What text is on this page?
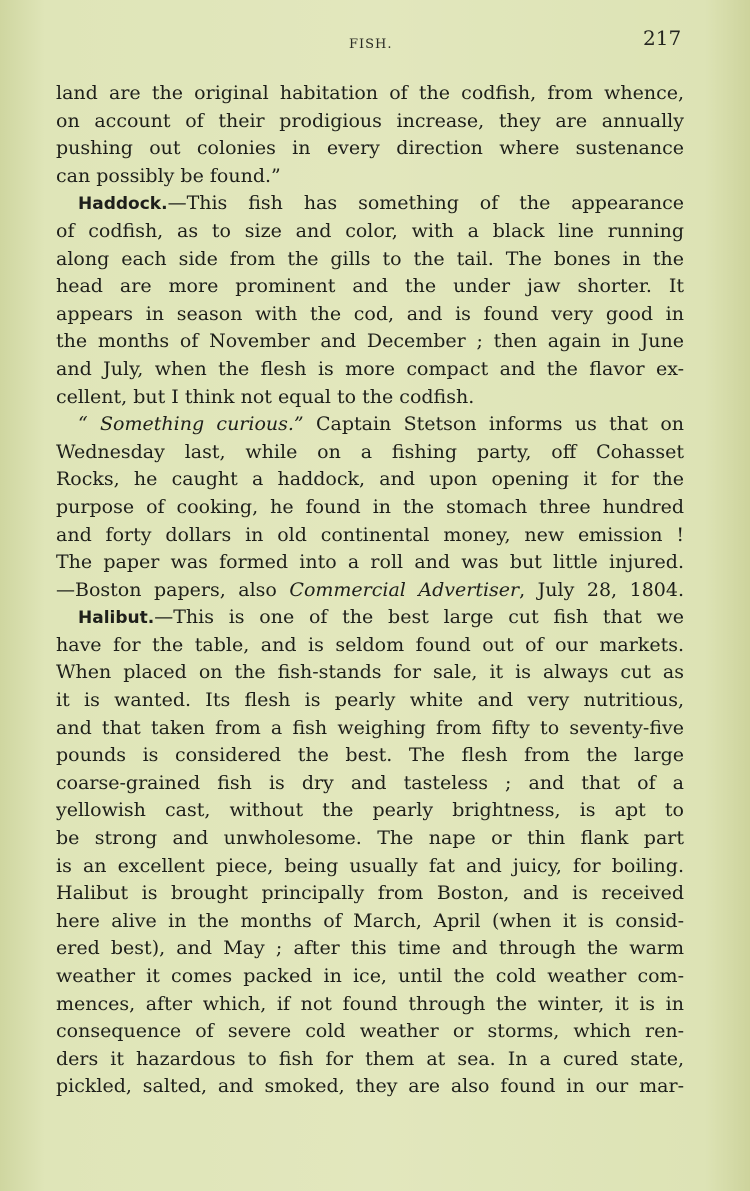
FISH.	217
land are the original habitation of the codfish, from whence,
on account of their prodigious increase, they are annually
pushing out colonies in every direction where sustenance
can possibly be found.”
Haddock.—This fish has something of the appearance
of codfish, as to size and color, with a black line running
along each side from the gills to the tail. The bones in the
head are more prominent and the under jaw shorter. It
appears in season with the cod, and is found very good in
the months of November and December ; then again in June
and July, when the flesh is more compact and the flavor ex-
cellent, but I think not equal to the codfish.
“ Something curious.” Captain Stetson informs us that on
Wednesday last, while on a fishing party, off Cohasset
Rocks, he caught a haddock, and upon opening it for the
purpose of cooking, he found in the stomach three hundred
and forty dollars in old continental money, new emission !
The paper was formed into a roll and was but little injured.
—Boston papers, also Commercial Advertiser, July 28, 1804.
Halibut.—This is one of the best large cut fish that we
have for the table, and is seldom found out of our markets.
When placed on the fish-stands for sale, it is always cut as
it is wanted. Its flesh is pearly white and very nutritious,
and that taken from a fish weighing from fifty to seventy-five
pounds is considered the best. The flesh from the large
coarse-grained fish is dry and tasteless ; and that of a
yellowish cast, without the pearly brightness, is apt to
be strong and unwholesome. The nape or thin flank part
is an excellent piece, being usually fat and juicy, for boiling.
Halibut is brought principally from Boston, and is received
here alive in the months of March, April (when it is consid-
ered best), and May ; after this time and through the warm
weather it comes packed in ice, until the cold weather com-
mences, after which, if not found through the winter, it is in
consequence of severe cold weather or storms, which ren-
ders it hazardous to fish for them at sea. In a cured state,
pickled, salted, and smoked, they are also found in our mar-
